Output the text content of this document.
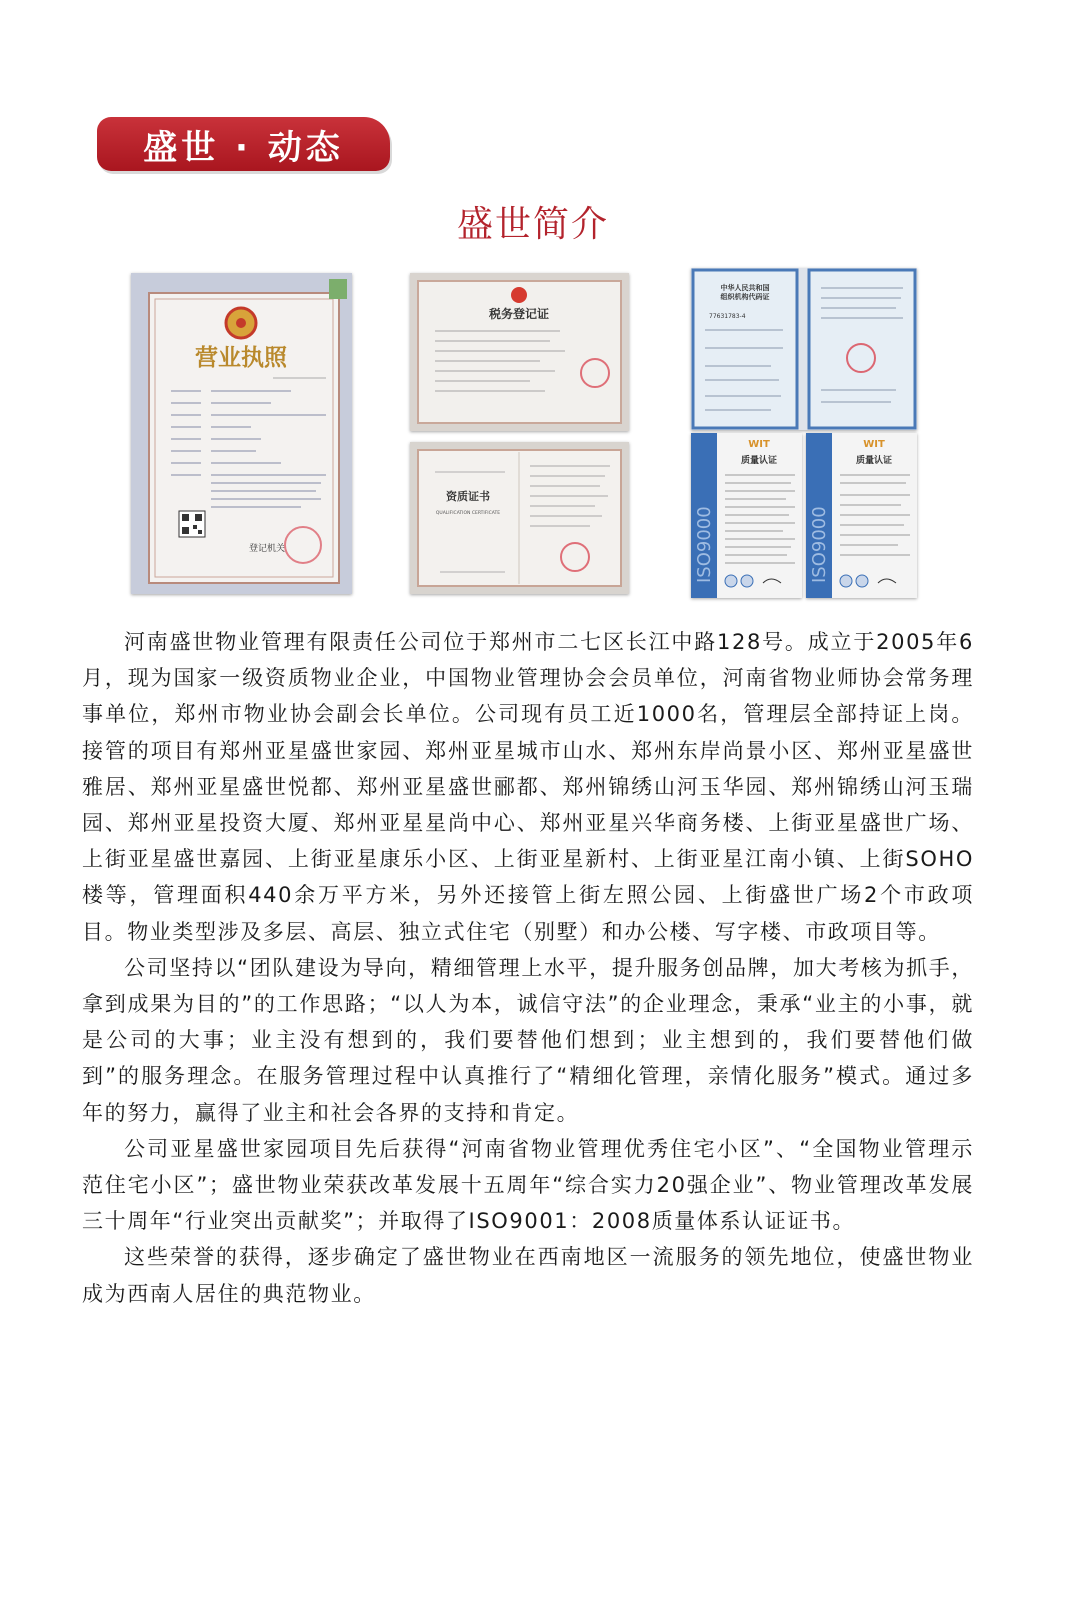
盛世 · 动态
盛世简介
营业执照
登记机关
税务登记证
资质证书
QUALIFICATION CERTIFICATE
中华人民共和国组织机构代码证
77631783-4
ISO9000
WIT
质量认证
ISO9000
WIT
质量认证

河南盛世物业管理有限责任公司位于郑州市二七区长江中路128号。成立于2005年6月，现为国家一级资质物业企业，中国物业管理协会会员单位，河南省物业师协会常务理事单位，郑州市物业协会副会长单位。公司现有员工近1000名，管理层全部持证上岗。接管的项目有郑州亚星盛世家园、郑州亚星城市山水、郑州东岸尚景小区、郑州亚星盛世雅居、郑州亚星盛世悦都、郑州亚星盛世郦都、郑州锦绣山河玉华园、郑州锦绣山河玉瑞园、郑州亚星投资大厦、郑州亚星星尚中心、郑州亚星兴华商务楼、上街亚星盛世广场、上街亚星盛世嘉园、上街亚星康乐小区、上街亚星新村、上街亚星江南小镇、上街SOHO楼等，管理面积440余万平方米，另外还接管上街左照公园、上街盛世广场2个市政项目。物业类型涉及多层、高层、独立式住宅（别墅）和办公楼、写字楼、市政项目等。

公司坚持以“团队建设为导向，精细管理上水平，提升服务创品牌，加大考核为抓手，拿到成果为目的”的工作思路；“以人为本，诚信守法”的企业理念，秉承“业主的小事，就是公司的大事；业主没有想到的，我们要替他们想到；业主想到的，我们要替他们做到”的服务理念。在服务管理过程中认真推行了“精细化管理，亲情化服务”模式。通过多年的努力，赢得了业主和社会各界的支持和肯定。

公司亚星盛世家园项目先后获得“河南省物业管理优秀住宅小区”、“全国物业管理示范住宅小区”；盛世物业荣获改革发展十五周年“综合实力20强企业”、物业管理改革发展三十周年“行业突出贡献奖”；并取得了ISO9001：2008质量体系认证证书。

这些荣誉的获得，逐步确定了盛世物业在西南地区一流服务的领先地位，使盛世物业成为西南人居住的典范物业。
